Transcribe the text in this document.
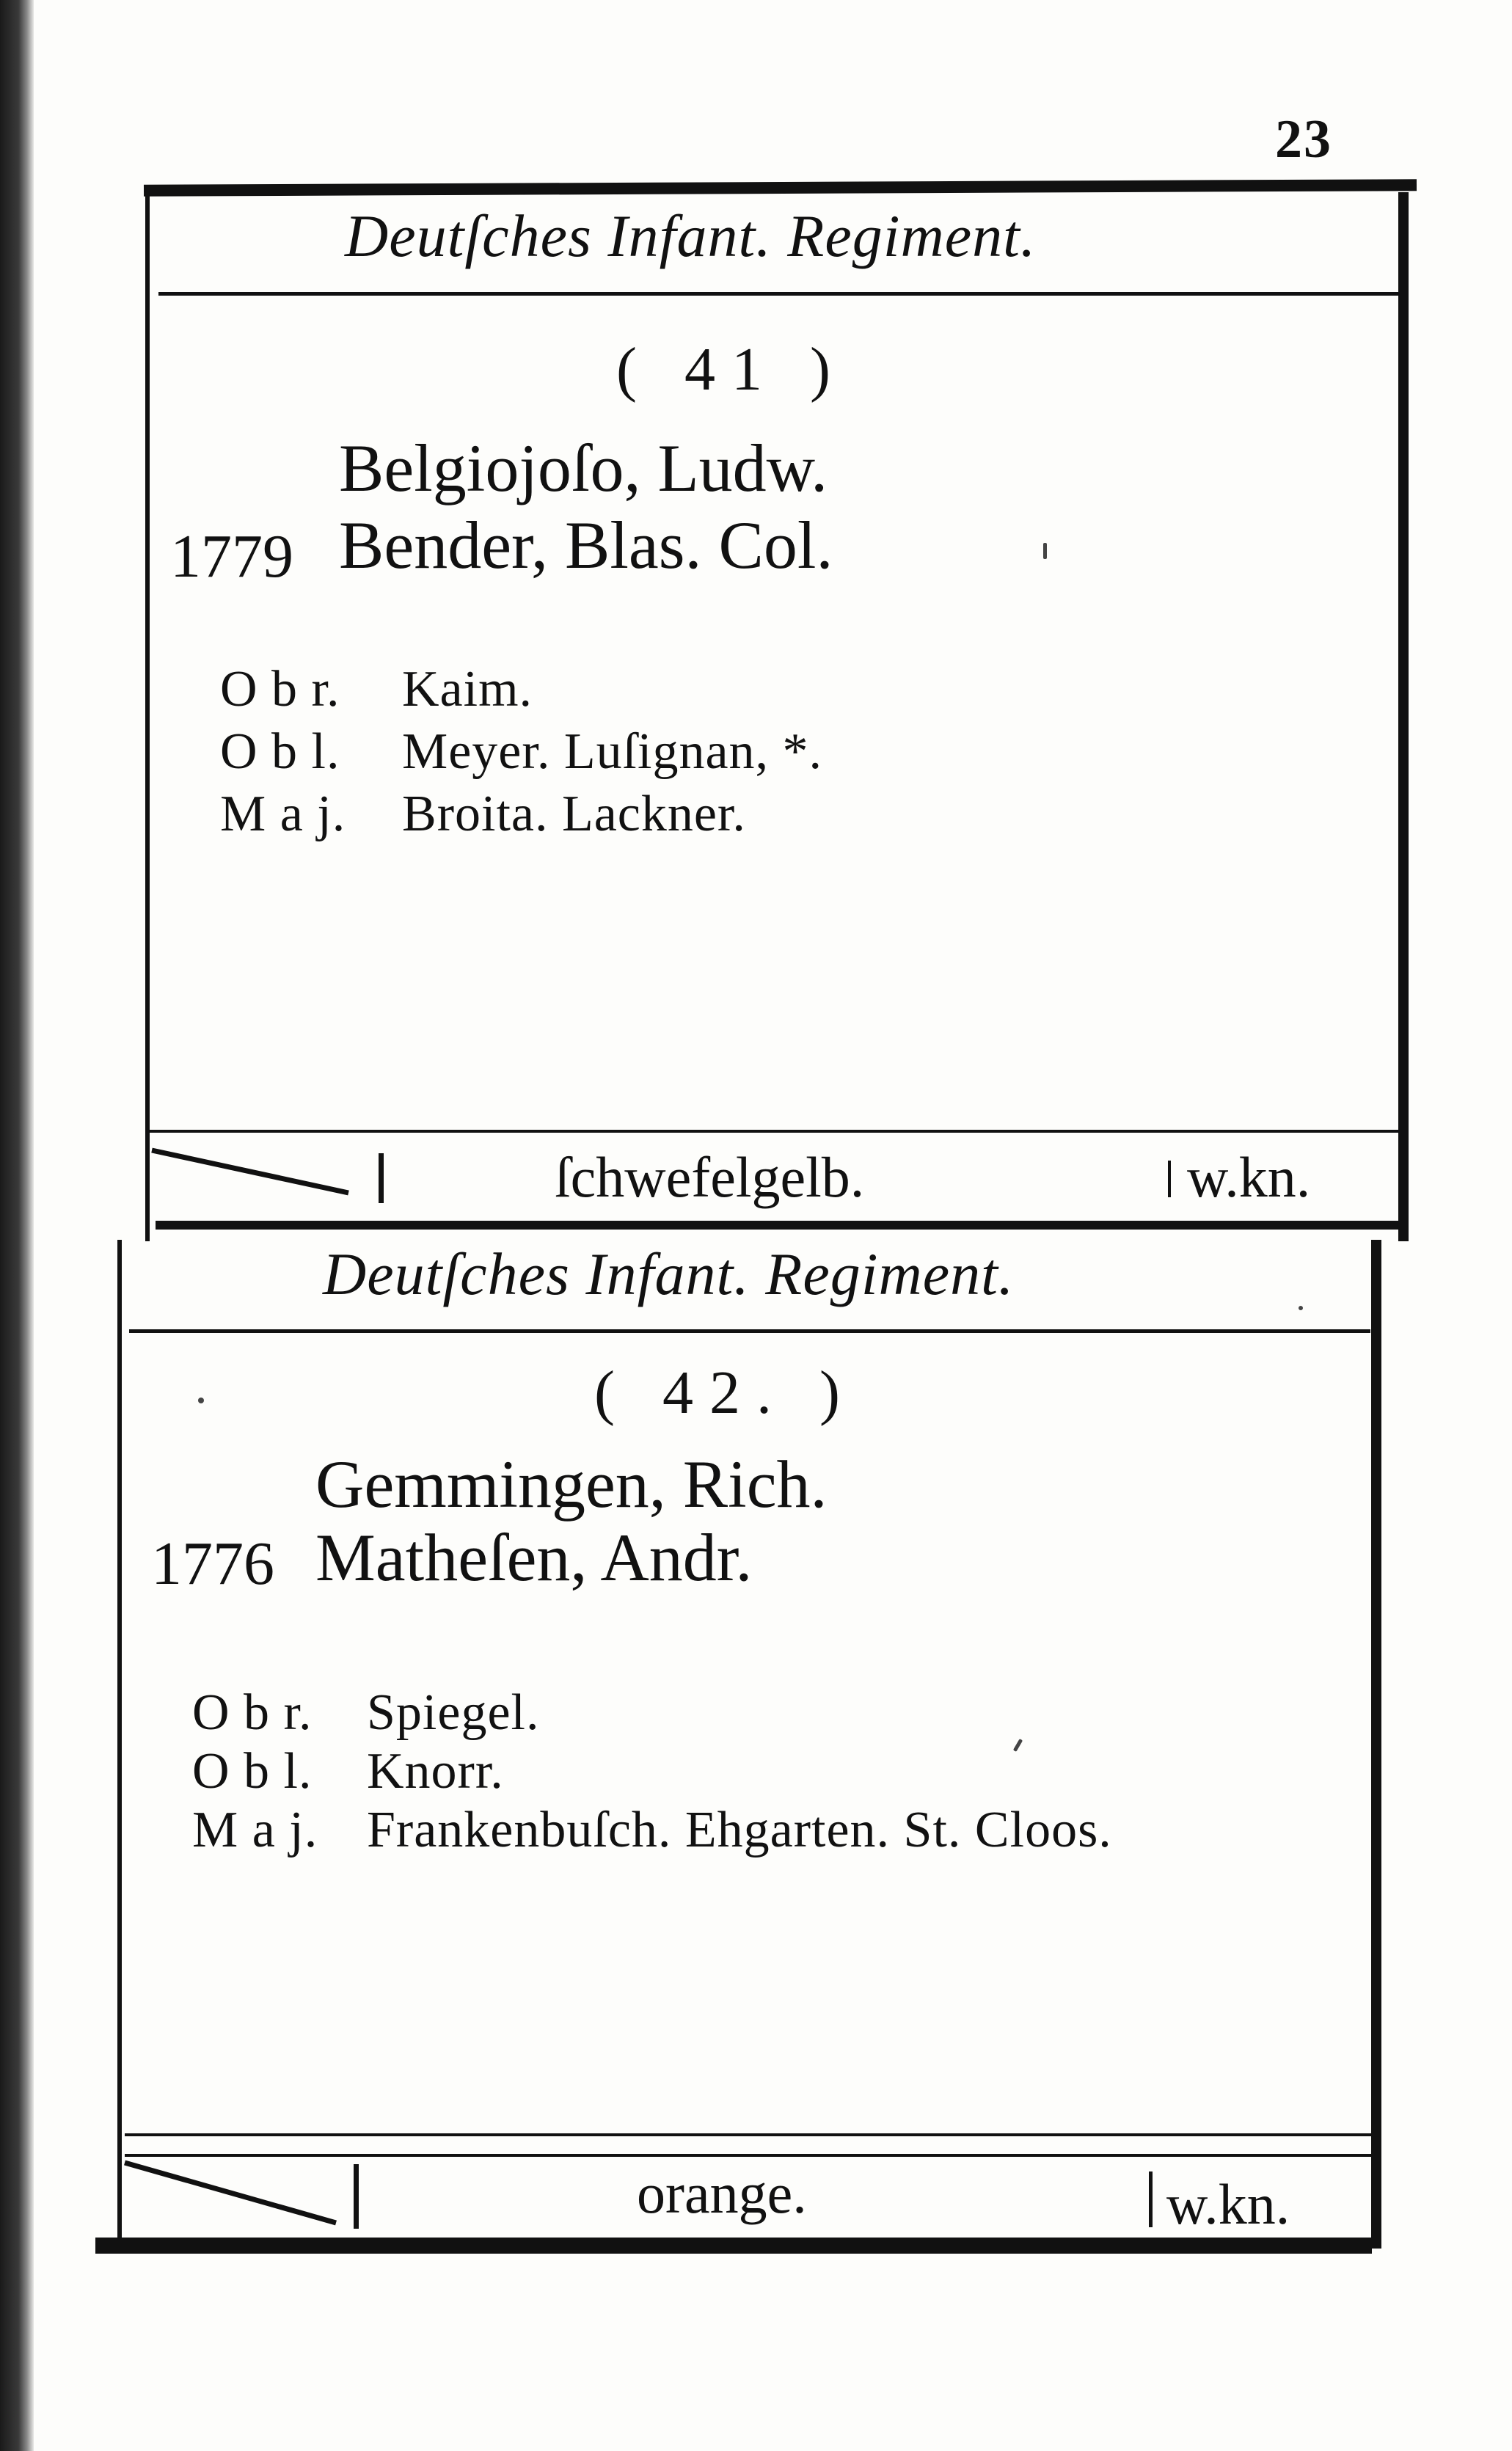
23
Deutſches Infant. Regiment.
( 41 )
Belgiojoſo, Ludw.
1779 Bender, Blas. Col.
O b r. Kaim.
O b l. Meyer. Luſignan, *.
M a j. Broita. Lackner.
ſchwefelgelb.	w.kn.
Deutſches Infant. Regiment.
( 42. )
Gemmingen, Rich.
1776 Matheſen, Andr.
O b r. Spiegel.
O b l. Knorr.
M a j. Frankenbuſch. Ehgarten. St. Cloos.
orange.	w.kn.
